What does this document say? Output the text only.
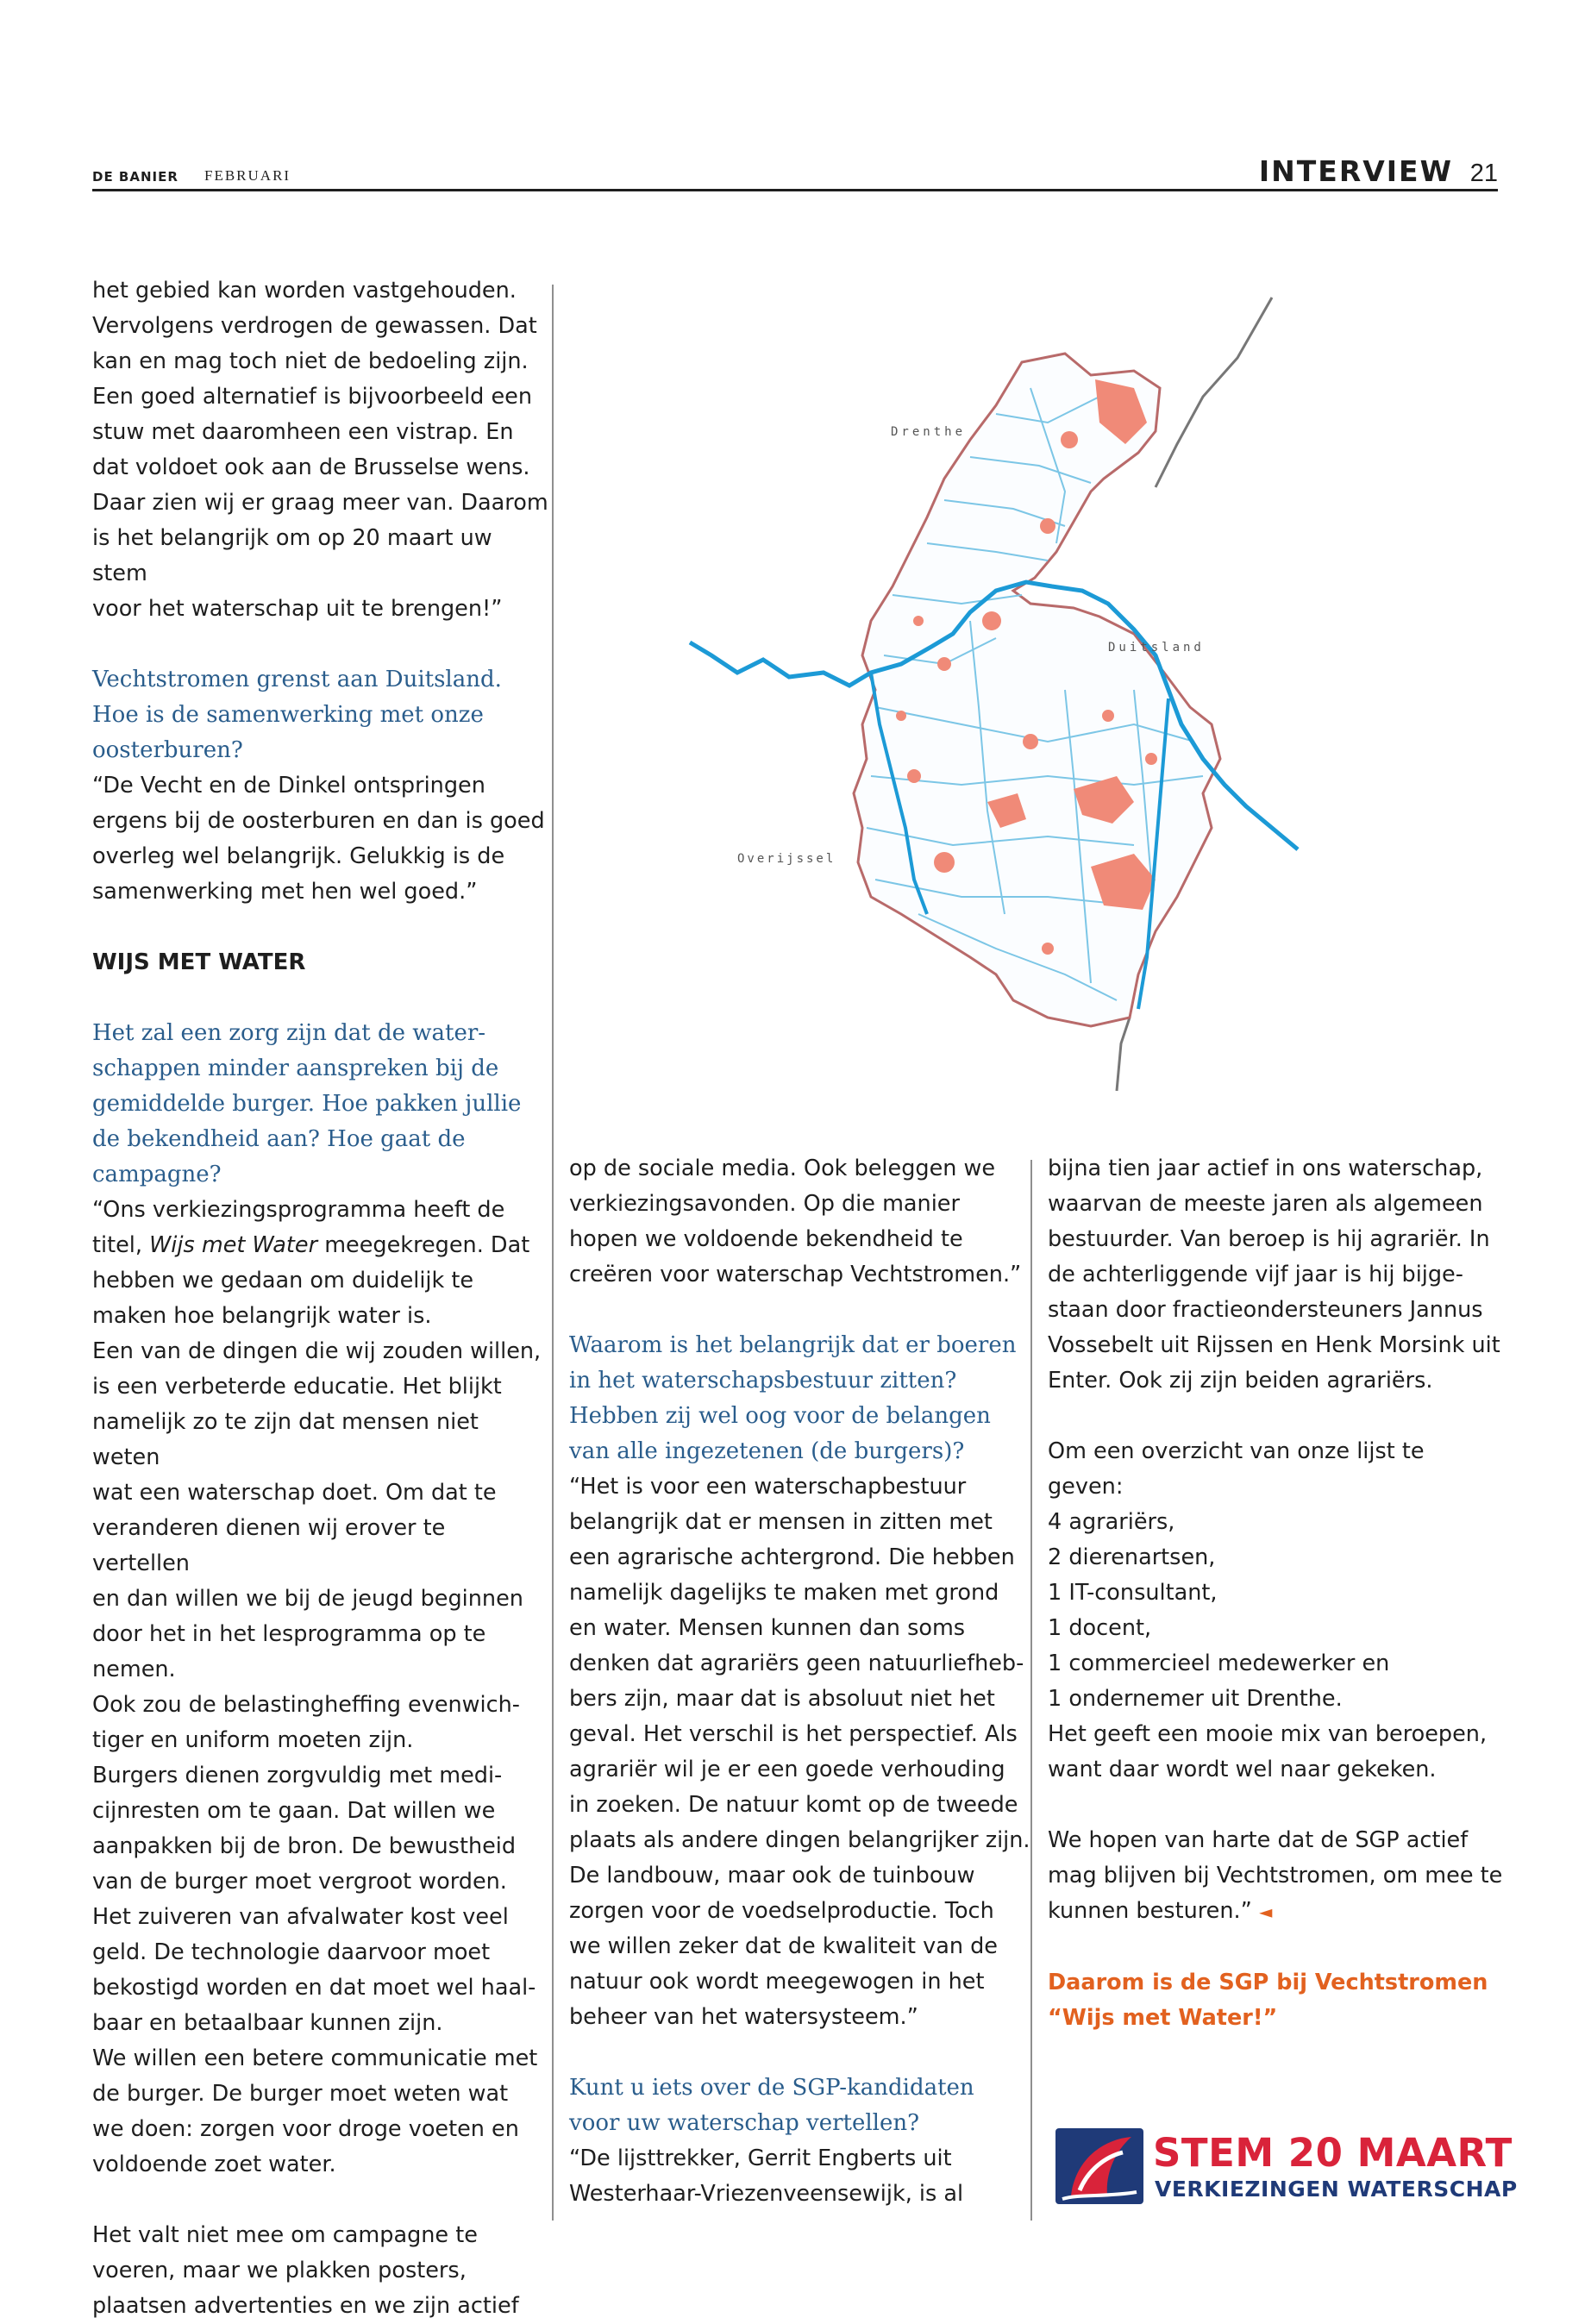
DE BANIER FEBRUARI	INTERVIEW 21

het gebied kan worden vastgehouden.

Vervolgens verdrogen de gewassen. Dat

kan en mag toch niet de bedoeling zijn.

Een goed alternatief is bijvoorbeeld een

stuw met daaromheen een vistrap. En

dat voldoet ook aan de Brusselse wens.

Daar zien wij er graag meer van. Daarom

is het belangrijk om op 20 maart uw stem

voor het waterschap uit te brengen!”

Vechtstromen grenst aan Duitsland.

Hoe is de samenwerking met onze

oosterburen?

“De Vecht en de Dinkel ontspringen

ergens bij de oosterburen en dan is goed

overleg wel belangrijk. Gelukkig is de

samenwerking met hen wel goed.”

WIJS MET WATER

Het zal een zorg zijn dat de water-

schappen minder aanspreken bij de

gemiddelde burger. Hoe pakken jullie

de bekendheid aan? Hoe gaat de

campagne?

“Ons verkiezingsprogramma heeft de

titel, Wijs met Water meegekregen. Dat

hebben we gedaan om duidelijk te

maken hoe belangrijk water is.

Een van de dingen die wij zouden willen,

is een verbeterde educatie. Het blijkt

namelijk zo te zijn dat mensen niet weten

wat een waterschap doet. Om dat te

veranderen dienen wij erover te vertellen

en dan willen we bij de jeugd beginnen

door het in het lesprogramma op te

nemen.

Ook zou de belastingheffing evenwich-

tiger en uniform moeten zijn.

Burgers dienen zorgvuldig met medi-

cijnresten om te gaan. Dat willen we

aanpakken bij de bron. De bewustheid

van de burger moet vergroot worden.

Het zuiveren van afvalwater kost veel

geld. De technologie daarvoor moet

bekostigd worden en dat moet wel haal-

baar en betaalbaar kunnen zijn.

We willen een betere communicatie met

de burger. De burger moet weten wat

we doen: zorgen voor droge voeten en

voldoende zoet water.

Het valt niet mee om campagne te

voeren, maar we plakken posters,

plaatsen advertenties en we zijn actief

Drenthe
Duitsland
Overijssel

op de sociale media. Ook beleggen we

verkiezingsavonden. Op die manier

hopen we voldoende bekendheid te

creëren voor waterschap Vechtstromen.”

Waarom is het belangrijk dat er boeren

in het waterschapsbestuur zitten?

Hebben zij wel oog voor de belangen

van alle ingezetenen (de burgers)?

“Het is voor een waterschapbestuur

belangrijk dat er mensen in zitten met

een agrarische achtergrond. Die hebben

namelijk dagelijks te maken met grond

en water. Mensen kunnen dan soms

denken dat agrariërs geen natuurliefheb-

bers zijn, maar dat is absoluut niet het

geval. Het verschil is het perspectief. Als

agrariër wil je er een goede verhouding

in zoeken. De natuur komt op de tweede

plaats als andere dingen belangrijker zijn.

De landbouw, maar ook de tuinbouw

zorgen voor de voedselproductie. Toch

we willen zeker dat de kwaliteit van de

natuur ook wordt meegewogen in het

beheer van het watersysteem.”

Kunt u iets over de SGP-kandidaten

voor uw waterschap vertellen?

“De lijsttrekker, Gerrit Engberts uit

Westerhaar-Vriezenveensewijk, is al

bijna tien jaar actief in ons waterschap,

waarvan de meeste jaren als algemeen

bestuurder. Van beroep is hij agrariër. In

de achterliggende vijf jaar is hij bijge-

staan door fractieondersteuners Jannus

Vossebelt uit Rijssen en Henk Morsink uit

Enter. Ook zij zijn beiden agrariërs.

Om een overzicht van onze lijst te geven:

4 agrariërs,

2 dierenartsen,

1 IT-consultant,

1 docent,

1 commercieel medewerker en

1 ondernemer uit Drenthe.

Het geeft een mooie mix van beroepen,

want daar wordt wel naar gekeken.

We hopen van harte dat de SGP actief

mag blijven bij Vechtstromen, om mee te

kunnen besturen.” ◄

Daarom is de SGP bij Vechtstromen

“Wijs met Water!”

STEM 20 MAART
VERKIEZINGEN WATERSCHAP
